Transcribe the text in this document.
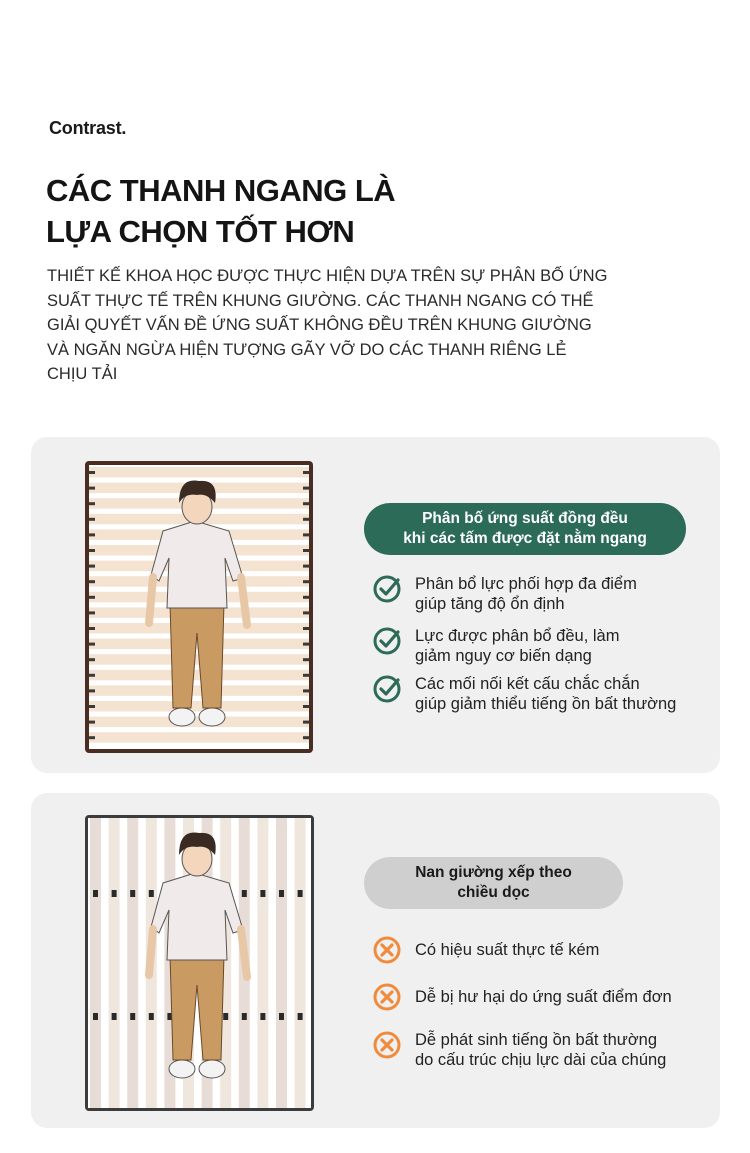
Contrast.
CÁC THANH NGANG LÀ
LỰA CHỌN TỐT HƠN
THIẾT KẾ KHOA HỌC ĐƯỢC THỰC HIỆN DỰA TRÊN SỰ PHÂN BỐ ỨNG
SUẤT THỰC TẾ TRÊN KHUNG GIƯỜNG. CÁC THANH NGANG CÓ THỂ
GIẢI QUYẾT VẤN ĐỀ ỨNG SUẤT KHÔNG ĐỀU TRÊN KHUNG GIƯỜNG
VÀ NGĂN NGỪA HIỆN TƯỢNG GÃY VỠ DO CÁC THANH RIÊNG LẺ
CHỊU TẢI
Phân bố ứng suất đồng đều
khi các tấm được đặt nằm ngang
Phân bổ lực phối hợp đa điểm
giúp tăng độ ổn định
Lực được phân bổ đều, làm
giảm nguy cơ biến dạng
Các mối nối kết cấu chắc chắn
giúp giảm thiểu tiếng ồn bất thường
Nan giường xếp theo
chiều dọc
Có hiệu suất thực tế kém
Dễ bị hư hại do ứng suất điểm đơn
Dễ phát sinh tiếng ồn bất thường
do cấu trúc chịu lực dài của chúng
